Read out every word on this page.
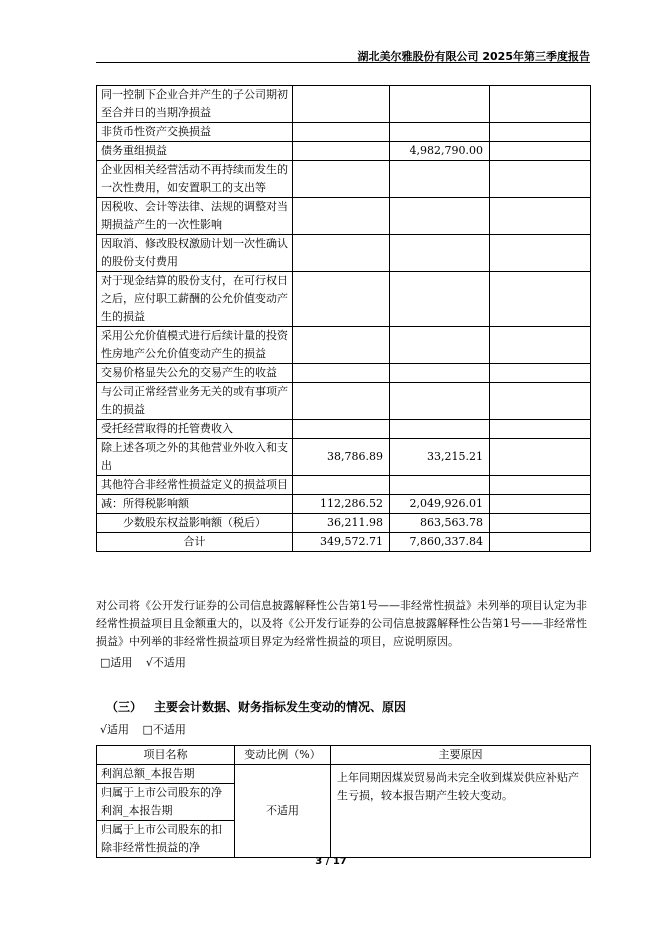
湖北美尔雅股份有限公司 2025年第三季度报告
同一控制下企业合并产生的子公司期初至合并日的当期净损益			
非货币性资产交换损益			
债务重组损益		4,982,790.00	
企业因相关经营活动不再持续而发生的一次性费用，如安置职工的支出等			
因税收、会计等法律、法规的调整对当期损益产生的一次性影响			
因取消、修改股权激励计划一次性确认的股份支付费用			
对于现金结算的股份支付，在可行权日之后，应付职工薪酬的公允价值变动产生的损益			
采用公允价值模式进行后续计量的投资性房地产公允价值变动产生的损益			
交易价格显失公允的交易产生的收益			
与公司正常经营业务无关的或有事项产生的损益			
受托经营取得的托管费收入			
除上述各项之外的其他营业外收入和支出	38,786.89	33,215.21	
其他符合非经常性损益定义的损益项目			
减：所得税影响额	112,286.52	2,049,926.01	
少数股东权益影响额（税后）	36,211.98	863,563.78	
合计	349,572.71	7,860,337.84	
对公司将《公开发行证券的公司信息披露解释性公告第1号——非经常性损益》未列举的项目认定为非经常性损益项目且金额重大的，以及将《公开发行证券的公司信息披露解释性公告第1号——非经常性损益》中列举的非经常性损益项目界定为经常性损益的项目，应说明原因。
□适用 √不适用
（三） 主要会计数据、财务指标发生变动的情况、原因
√适用 □不适用
项目名称	变动比例（%）	主要原因
利润总额_本报告期	不适用	上年同期因煤炭贸易尚未完全收到煤炭供应补贴产生亏损，较本报告期产生较大变动。
归属于上市公司股东的净利润_本报告期		
归属于上市公司股东的扣除非经常性损益的净		
3 / 17
